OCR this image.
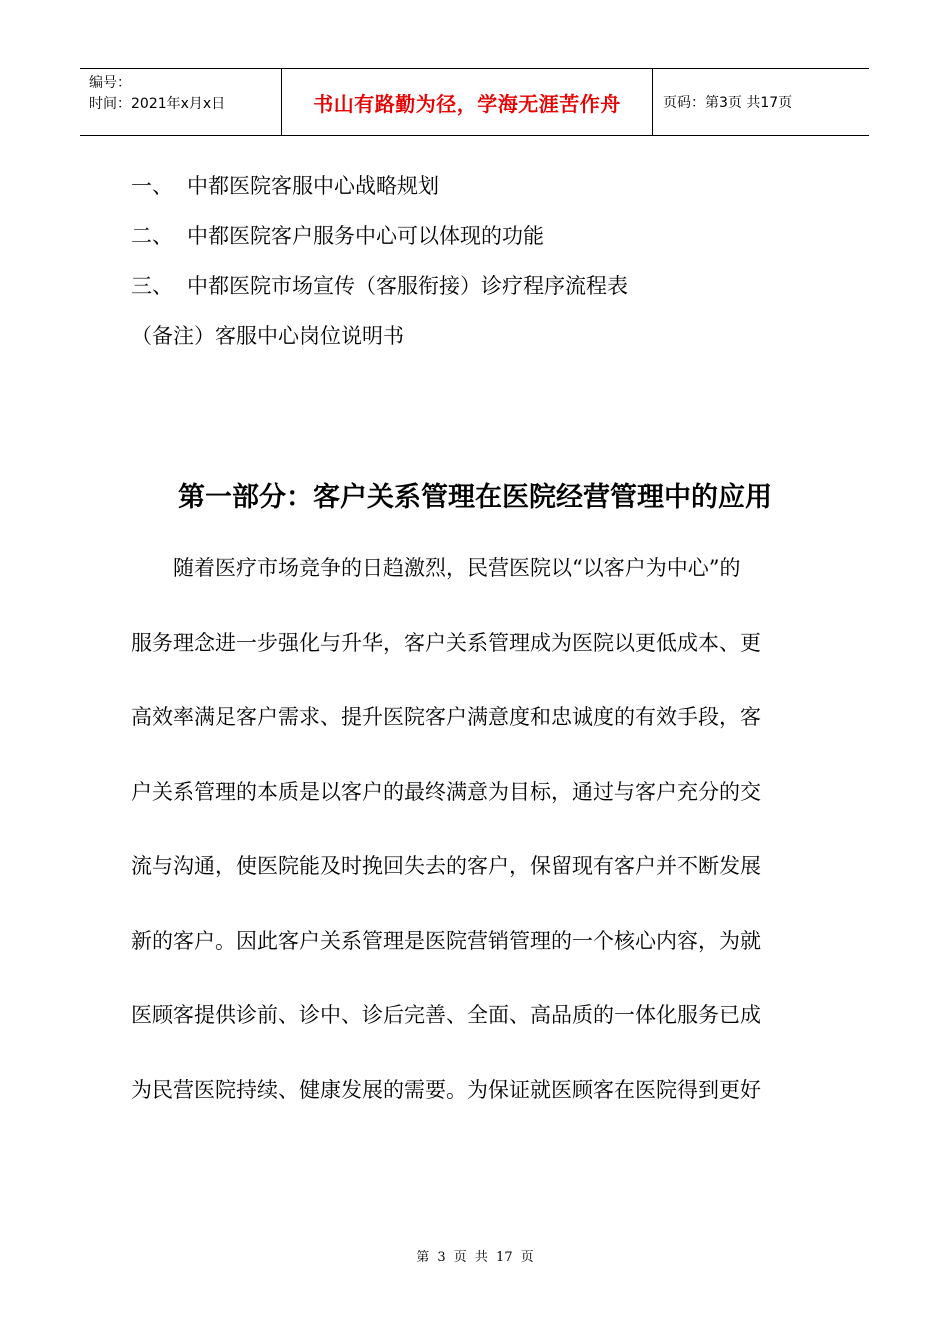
编号：
时间：2021年x月x日	书山有路勤为径，学海无涯苦作舟	页码：第3页 共17页
一、 中都医院客服中心战略规划
二、 中都医院客户服务中心可以体现的功能
三、 中都医院市场宣传（客服衔接）诊疗程序流程表
（备注）客服中心岗位说明书
第一部分：客户关系管理在医院经营管理中的应用
随着医疗市场竞争的日趋激烈，民营医院以“以客户为中心”的
服务理念进一步强化与升华，客户关系管理成为医院以更低成本、更
高效率满足客户需求、提升医院客户满意度和忠诚度的有效手段，客
户关系管理的本质是以客户的最终满意为目标，通过与客户充分的交
流与沟通，使医院能及时挽回失去的客户，保留现有客户并不断发展
新的客户。因此客户关系管理是医院营销管理的一个核心内容，为就
医顾客提供诊前、诊中、诊后完善、全面、高品质的一体化服务已成
为民营医院持续、健康发展的需要。为保证就医顾客在医院得到更好
第 3 页 共 17 页
